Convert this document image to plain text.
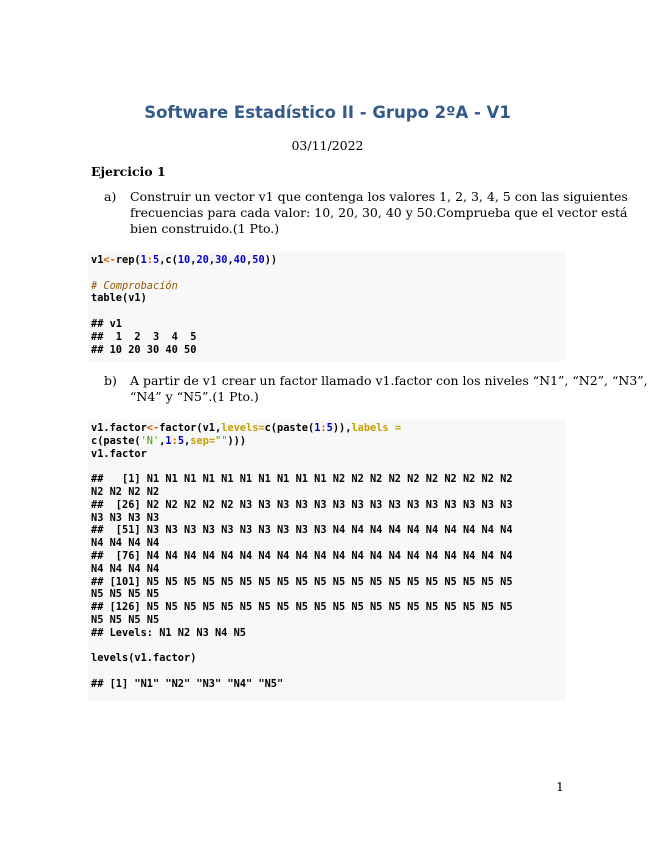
Software Estadístico II - Grupo 2ºA - V1
03/11/2022
Ejercicio 1
a) Construir un vector v1 que contenga los valores 1, 2, 3, 4, 5 con las siguientes
frecuencias para cada valor: 10, 20, 30, 40 y 50.Comprueba que el vector está
bien construido.(1 Pto.)
v1<-rep(1:5,c(10,20,30,40,50))

# Comprobación
table(v1)

## v1
##  1  2  3  4  5
## 10 20 30 40 50
b) A partir de v1 crear un factor llamado v1.factor con los niveles “N1”, “N2”, “N3”,
“N4” y “N5”.(1 Pto.)
v1.factor<-factor(v1,levels=c(paste(1:5)),labels =
c(paste('N',1:5,sep="")))
v1.factor

##   [1] N1 N1 N1 N1 N1 N1 N1 N1 N1 N1 N2 N2 N2 N2 N2 N2 N2 N2 N2 N2
N2 N2 N2 N2
##  [26] N2 N2 N2 N2 N2 N3 N3 N3 N3 N3 N3 N3 N3 N3 N3 N3 N3 N3 N3 N3
N3 N3 N3 N3
##  [51] N3 N3 N3 N3 N3 N3 N3 N3 N3 N3 N4 N4 N4 N4 N4 N4 N4 N4 N4 N4
N4 N4 N4 N4
##  [76] N4 N4 N4 N4 N4 N4 N4 N4 N4 N4 N4 N4 N4 N4 N4 N4 N4 N4 N4 N4
N4 N4 N4 N4
## [101] N5 N5 N5 N5 N5 N5 N5 N5 N5 N5 N5 N5 N5 N5 N5 N5 N5 N5 N5 N5
N5 N5 N5 N5
## [126] N5 N5 N5 N5 N5 N5 N5 N5 N5 N5 N5 N5 N5 N5 N5 N5 N5 N5 N5 N5
N5 N5 N5 N5
## Levels: N1 N2 N3 N4 N5

levels(v1.factor)

## [1] "N1" "N2" "N3" "N4" "N5"
1
